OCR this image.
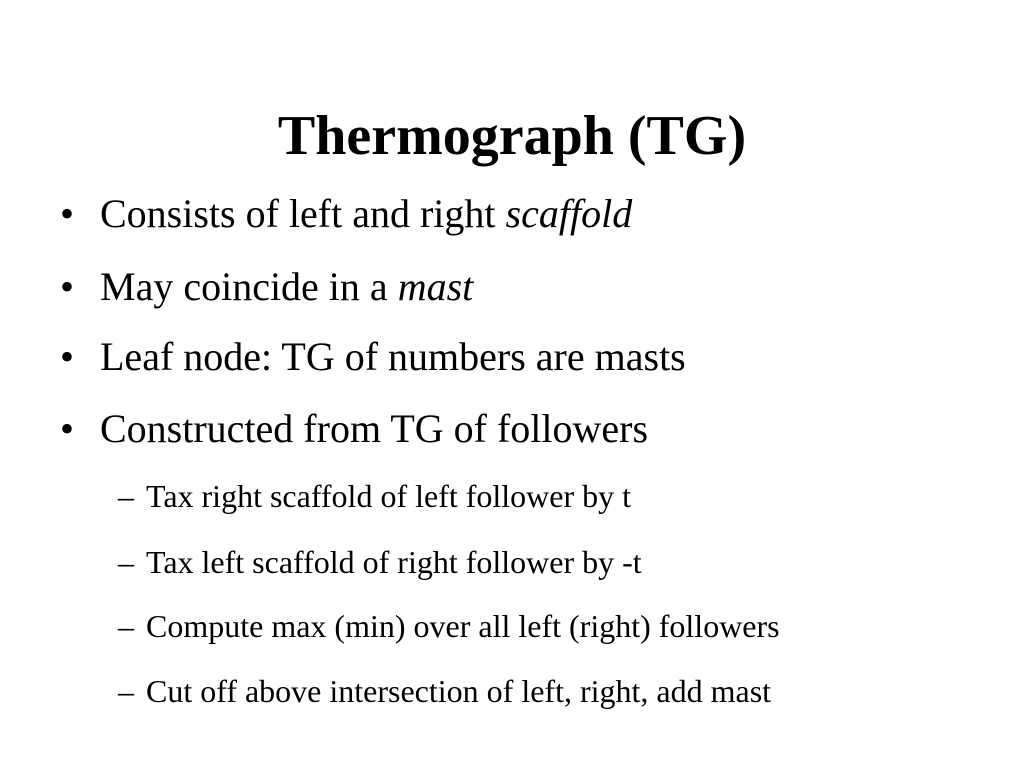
Thermograph (TG)
• Consists of left and right scaffold
• May coincide in a mast
• Leaf node: TG of numbers are masts
• Constructed from TG of followers
– Tax right scaffold of left follower by t
– Tax left scaffold of right follower by -t
– Compute max (min) over all left (right) followers
– Cut off above intersection of left, right, add mast
